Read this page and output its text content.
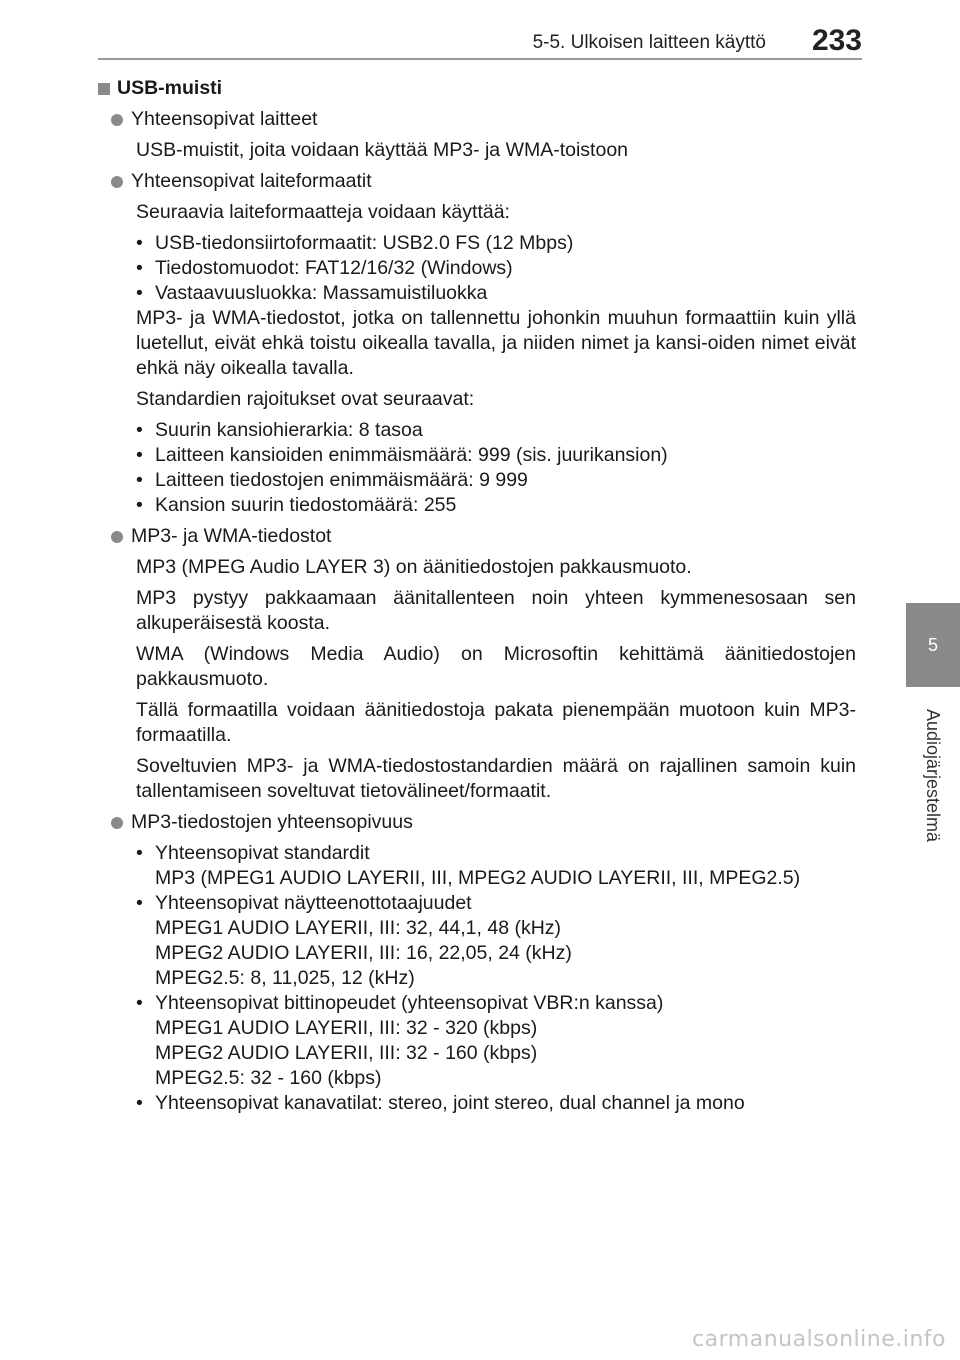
5-5. Ulkoisen laitteen käyttö 233
5
Audiojärjestelmä
USB-muisti
Yhteensopivat laitteet

USB-muistit, joita voidaan käyttää MP3- ja WMA-toistoon

Yhteensopivat laiteformaatit

Seuraavia laiteformaatteja voidaan käyttää:

• USB-tiedonsiirtoformaatit: USB2.0 FS (12 Mbps)
• Tiedostomuodot: FAT12/16/32 (Windows)
• Vastaavuusluokka: Massamuistiluokka

MP3- ja WMA-tiedostot, jotka on tallennettu johonkin muuhun formaattiin kuin yllä luetellut, eivät ehkä toistu oikealla tavalla, ja niiden nimet ja kansi-oiden nimet eivät ehkä näy oikealla tavalla.

Standardien rajoitukset ovat seuraavat:

• Suurin kansiohierarkia: 8 tasoa
• Laitteen kansioiden enimmäismäärä: 999 (sis. juurikansion)
• Laitteen tiedostojen enimmäismäärä: 9 999
• Kansion suurin tiedostomäärä: 255
MP3- ja WMA-tiedostot

MP3 (MPEG Audio LAYER 3) on äänitiedostojen pakkausmuoto.

MP3 pystyy pakkaamaan äänitallenteen noin yhteen kymmenesosaan sen alkuperäisestä koosta.

WMA (Windows Media Audio) on Microsoftin kehittämä äänitiedostojen pakkausmuoto.

Tällä formaatilla voidaan äänitiedostoja pakata pienempään muotoon kuin MP3-formaatilla.

Soveltuvien MP3- ja WMA-tiedostostandardien määrä on rajallinen samoin kuin tallentamiseen soveltuvat tietovälineet/formaatit.

MP3-tiedostojen yhteensopivuus
• Yhteensopivat standardit
MP3 (MPEG1 AUDIO LAYERII, III, MPEG2 AUDIO LAYERII, III, MPEG2.5)
• Yhteensopivat näytteenottotaajuudet
MPEG1 AUDIO LAYERII, III: 32, 44,1, 48 (kHz)
MPEG2 AUDIO LAYERII, III: 16, 22,05, 24 (kHz)
MPEG2.5: 8, 11,025, 12 (kHz)
• Yhteensopivat bittinopeudet (yhteensopivat VBR:n kanssa)
MPEG1 AUDIO LAYERII, III: 32 - 320 (kbps)
MPEG2 AUDIO LAYERII, III: 32 - 160 (kbps)
MPEG2.5: 32 - 160 (kbps)
• Yhteensopivat kanavatilat: stereo, joint stereo, dual channel ja mono
carmanualsonline.info
